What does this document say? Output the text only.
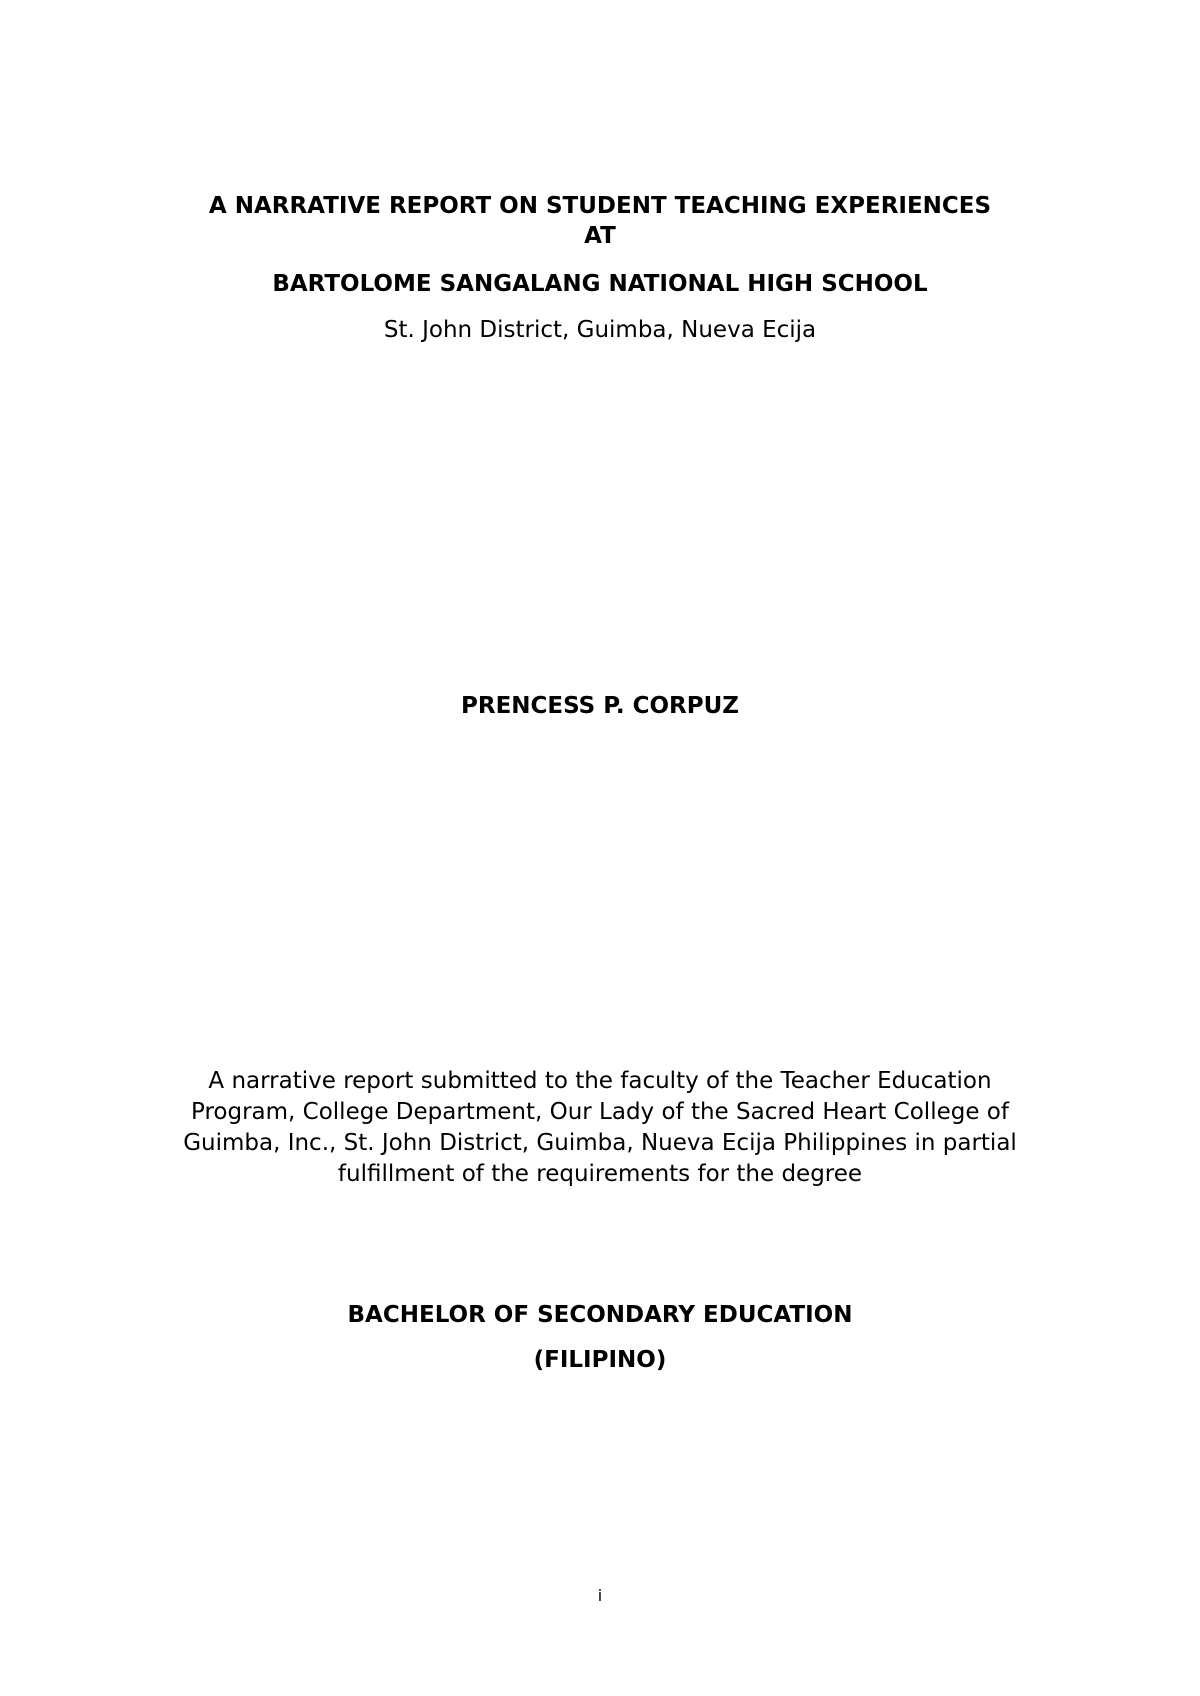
A NARRATIVE REPORT ON STUDENT TEACHING EXPERIENCES
AT
BARTOLOME SANGALANG NATIONAL HIGH SCHOOL
St. John District, Guimba, Nueva Ecija
PRENCESS P. CORPUZ
A narrative report submitted to the faculty of the Teacher Education Program, College Department, Our Lady of the Sacred Heart College of Guimba, Inc., St. John District, Guimba, Nueva Ecija Philippines in partial fulfillment of the requirements for the degree
BACHELOR OF SECONDARY EDUCATION
(FILIPINO)
i
